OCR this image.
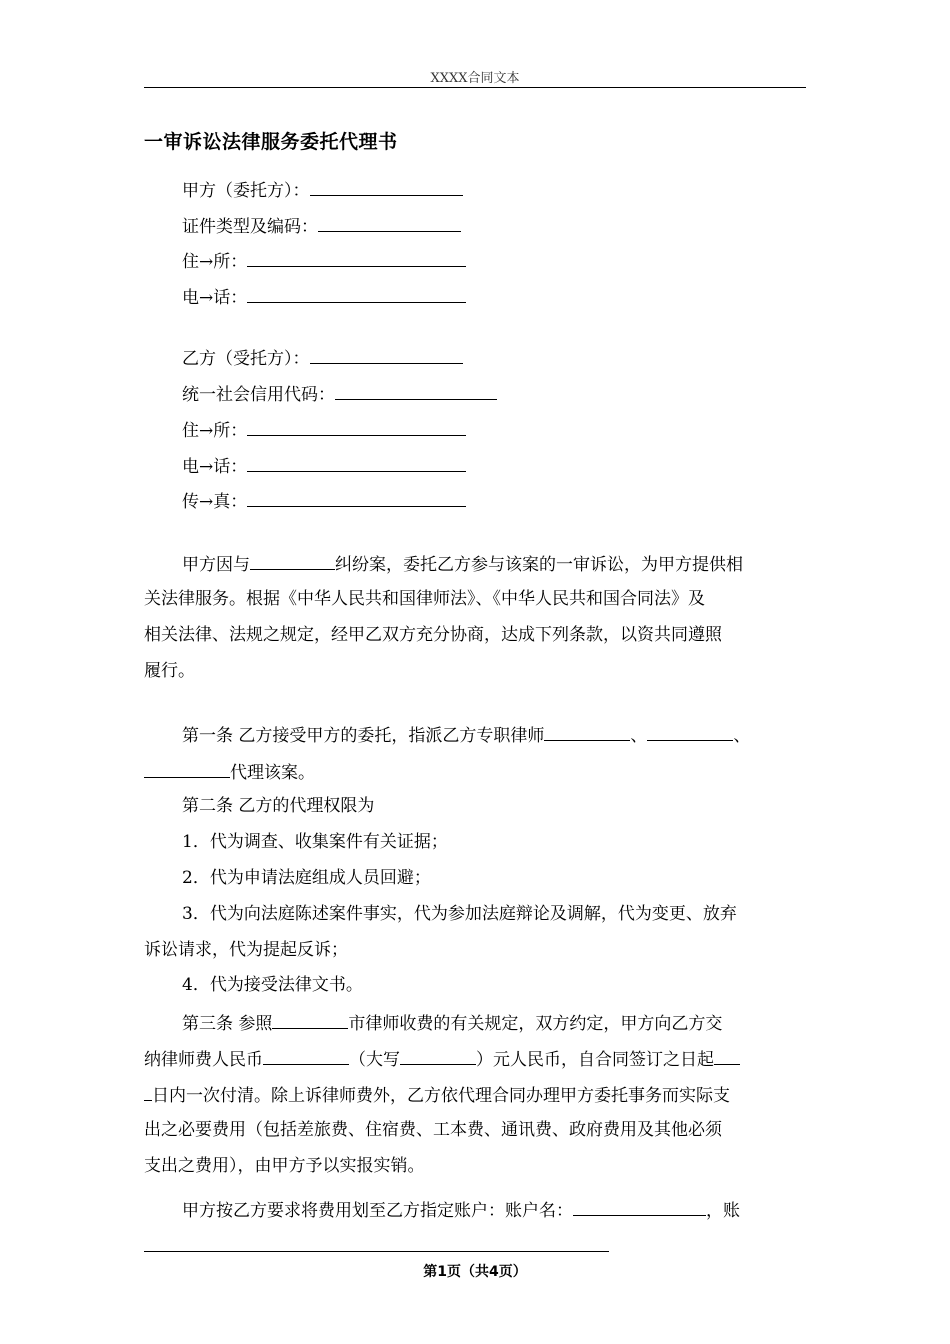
XXXX合同文本
一审诉讼法律服务委托代理书
甲方（委托方）：
证件类型及编码：
住→所：
电→话：
乙方（受托方）：
统一社会信用代码：
住→所：
电→话：
传→真：
甲方因与	纠纷案，委托乙方参与该案的一审诉讼，为甲方提供相
关法律服务。根据《中华人民共和国律师法》、《中华人民共和国合同法》及
相关法律、法规之规定，经甲乙双方充分协商，达成下列条款，以资共同遵照
履行。
第一条 乙方接受甲方的委托，指派乙方专职律师	、	、
代理该案。
第二条 乙方的代理权限为
1．代为调查、收集案件有关证据；
2．代为申请法庭组成人员回避；
3．代为向法庭陈述案件事实，代为参加法庭辩论及调解，代为变更、放弃
诉讼请求，代为提起反诉；
4．代为接受法律文书。
第三条 参照	市律师收费的有关规定，双方约定，甲方向乙方交
纳律师费人民币	（大写	）元人民币，自合同签订之日起
日内一次付清。除上诉律师费外，乙方依代理合同办理甲方委托事务而实际支
出之必要费用（包括差旅费、住宿费、工本费、通讯费、政府费用及其他必须
支出之费用），由甲方予以实报实销。
甲方按乙方要求将费用划至乙方指定账户：账户名：	，账
第1页（共4页）
